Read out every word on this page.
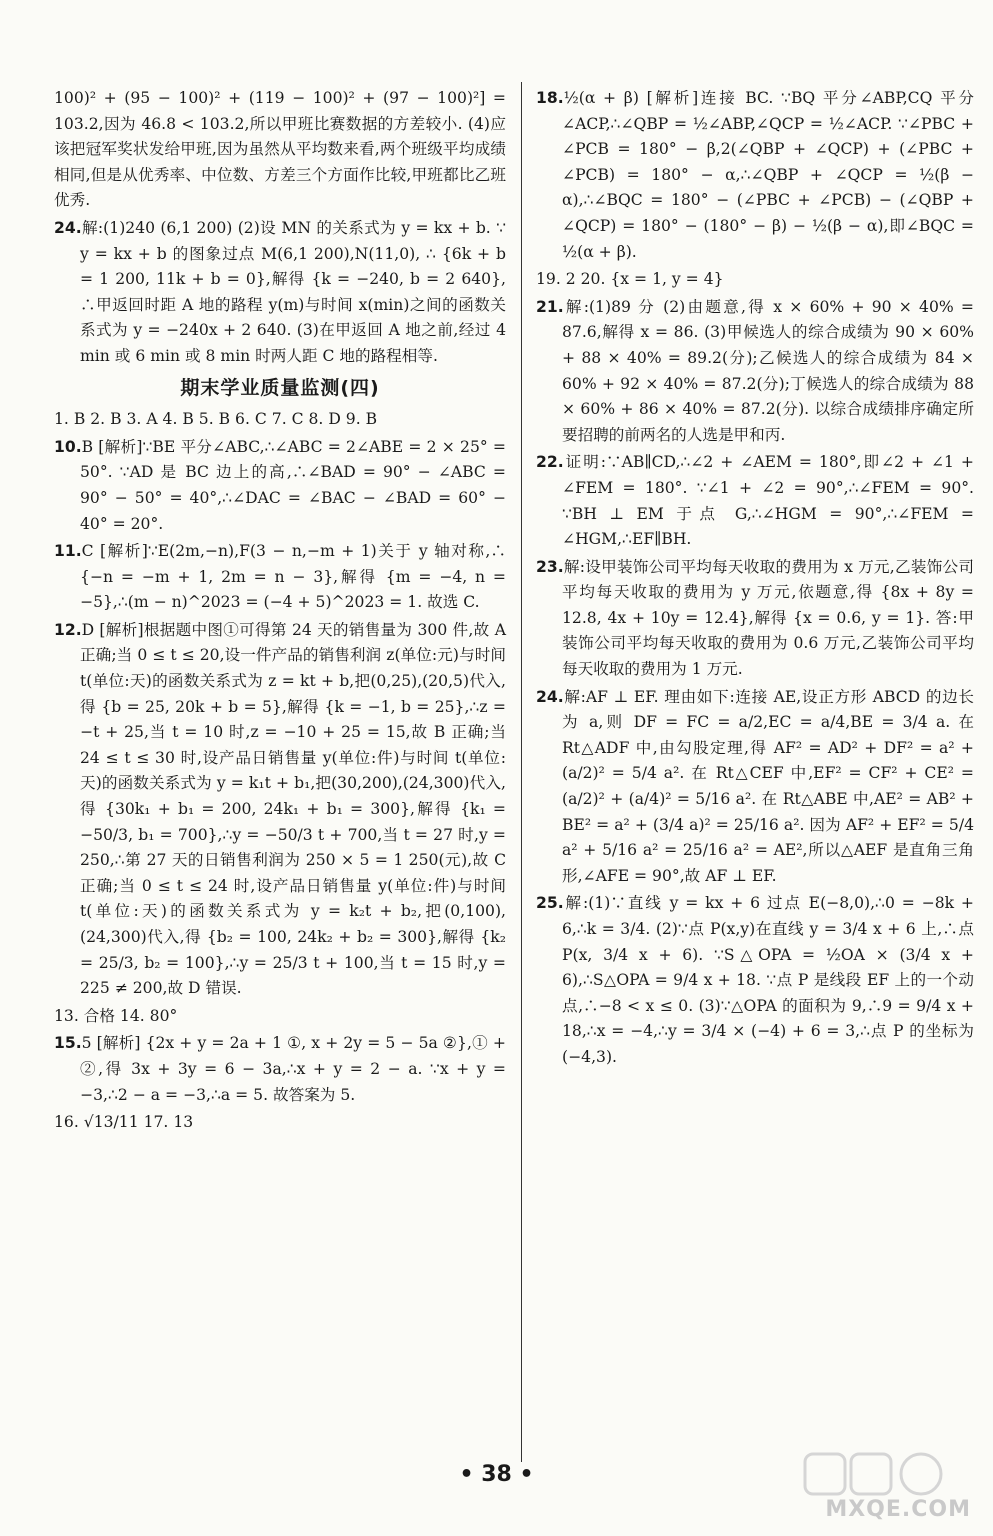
100)² + (95 − 100)² + (119 − 100)² + (97 − 100)²] = 103.2,因为 46.8 < 103.2,所以甲班比赛数据的方差较小. (4)应该把冠军奖状发给甲班,因为虽然从平均数来看,两个班级平均成绩相同,但是从优秀率、中位数、方差三个方面作比较,甲班都比乙班优秀.

24.解:(1)240 (6,1 200) (2)设 MN 的关系式为 y = kx + b. ∵ y = kx + b 的图象过点 M(6,1 200),N(11,0), ∴ {6k + b = 1 200, 11k + b = 0},解得 {k = −240, b = 2 640}, ∴甲返回时距 A 地的路程 y(m)与时间 x(min)之间的函数关系式为 y = −240x + 2 640. (3)在甲返回 A 地之前,经过 4 min 或 6 min 或 8 min 时两人距 C 地的路程相等.

期末学业质量监测(四)

1. B 2. B 3. A 4. B 5. B 6. C 7. C 8. D 9. B

10.B [解析]∵BE 平分∠ABC,∴∠ABC = 2∠ABE = 2 × 25° = 50°. ∵AD 是 BC 边上的高,∴∠BAD = 90° − ∠ABC = 90° − 50° = 40°,∴∠DAC = ∠BAC − ∠BAD = 60° − 40° = 20°.

11.C [解析]∵E(2m,−n),F(3 − n,−m + 1)关于 y 轴对称,∴ {−n = −m + 1, 2m = n − 3},解得 {m = −4, n = −5},∴(m − n)^2023 = (−4 + 5)^2023 = 1. 故选 C.

12.D [解析]根据题中图①可得第 24 天的销售量为 300 件,故 A 正确;当 0 ≤ t ≤ 20,设一件产品的销售利润 z(单位:元)与时间 t(单位:天)的函数关系式为 z = kt + b,把(0,25),(20,5)代入,得 {b = 25, 20k + b = 5},解得 {k = −1, b = 25},∴z = −t + 25,当 t = 10 时,z = −10 + 25 = 15,故 B 正确;当 24 ≤ t ≤ 30 时,设产品日销售量 y(单位:件)与时间 t(单位:天)的函数关系式为 y = k₁t + b₁,把(30,200),(24,300)代入,得 {30k₁ + b₁ = 200, 24k₁ + b₁ = 300},解得 {k₁ = −50/3, b₁ = 700},∴y = −50/3 t + 700,当 t = 27 时,y = 250,∴第 27 天的日销售利润为 250 × 5 = 1 250(元),故 C 正确;当 0 ≤ t ≤ 24 时,设产品日销售量 y(单位:件)与时间 t(单位:天)的函数关系式为 y = k₂t + b₂,把(0,100),(24,300)代入,得 {b₂ = 100, 24k₂ + b₂ = 300},解得 {k₂ = 25/3, b₂ = 100},∴y = 25/3 t + 100,当 t = 15 时,y = 225 ≠ 200,故 D 错误.

13. 合格 14. 80°

15.5 [解析] {2x + y = 2a + 1 ①, x + 2y = 5 − 5a ②},① + ②,得 3x + 3y = 6 − 3a,∴x + y = 2 − a. ∵x + y = −3,∴2 − a = −3,∴a = 5. 故答案为 5.

16. √13/11 17. 13

18.½(α + β) [解析]连接 BC. ∵BQ 平分∠ABP,CQ 平分∠ACP,∴∠QBP = ½∠ABP,∠QCP = ½∠ACP. ∵∠PBC + ∠PCB = 180° − β,2(∠QBP + ∠QCP) + (∠PBC + ∠PCB) = 180° − α,∴∠QBP + ∠QCP = ½(β − α),∴∠BQC = 180° − (∠PBC + ∠PCB) − (∠QBP + ∠QCP) = 180° − (180° − β) − ½(β − α),即∠BQC = ½(α + β).

19. 2 20. {x = 1, y = 4}

21.解:(1)89 分 (2)由题意,得 x × 60% + 90 × 40% = 87.6,解得 x = 86. (3)甲候选人的综合成绩为 90 × 60% + 88 × 40% = 89.2(分);乙候选人的综合成绩为 84 × 60% + 92 × 40% = 87.2(分);丁候选人的综合成绩为 88 × 60% + 86 × 40% = 87.2(分). 以综合成绩排序确定所要招聘的前两名的人选是甲和丙.

22.证明:∵AB∥CD,∴∠2 + ∠AEM = 180°,即∠2 + ∠1 + ∠FEM = 180°. ∵∠1 + ∠2 = 90°,∴∠FEM = 90°. ∵BH ⊥ EM 于点 G,∴∠HGM = 90°,∴∠FEM = ∠HGM,∴EF∥BH.

23.解:设甲装饰公司平均每天收取的费用为 x 万元,乙装饰公司平均每天收取的费用为 y 万元,依题意,得 {8x + 8y = 12.8, 4x + 10y = 12.4},解得 {x = 0.6, y = 1}. 答:甲装饰公司平均每天收取的费用为 0.6 万元,乙装饰公司平均每天收取的费用为 1 万元.

24.解:AF ⊥ EF. 理由如下:连接 AE,设正方形 ABCD 的边长为 a,则 DF = FC = a/2,EC = a/4,BE = 3/4 a. 在 Rt△ADF 中,由勾股定理,得 AF² = AD² + DF² = a² + (a/2)² = 5/4 a². 在 Rt△CEF 中,EF² = CF² + CE² = (a/2)² + (a/4)² = 5/16 a². 在 Rt△ABE 中,AE² = AB² + BE² = a² + (3/4 a)² = 25/16 a². 因为 AF² + EF² = 5/4 a² + 5/16 a² = 25/16 a² = AE²,所以△AEF 是直角三角形,∠AFE = 90°,故 AF ⊥ EF.

25.解:(1)∵直线 y = kx + 6 过点 E(−8,0),∴0 = −8k + 6,∴k = 3/4. (2)∵点 P(x,y)在直线 y = 3/4 x + 6 上,∴点 P(x, 3/4 x + 6). ∵S△OPA = ½OA × (3/4 x + 6),∴S△OPA = 9/4 x + 18. ∵点 P 是线段 EF 上的一个动点,∴−8 < x ≤ 0. (3)∵△OPA 的面积为 9,∴9 = 9/4 x + 18,∴x = −4,∴y = 3/4 × (−4) + 6 = 3,∴点 P 的坐标为(−4,3).

• 38 •
MXQE.COM
